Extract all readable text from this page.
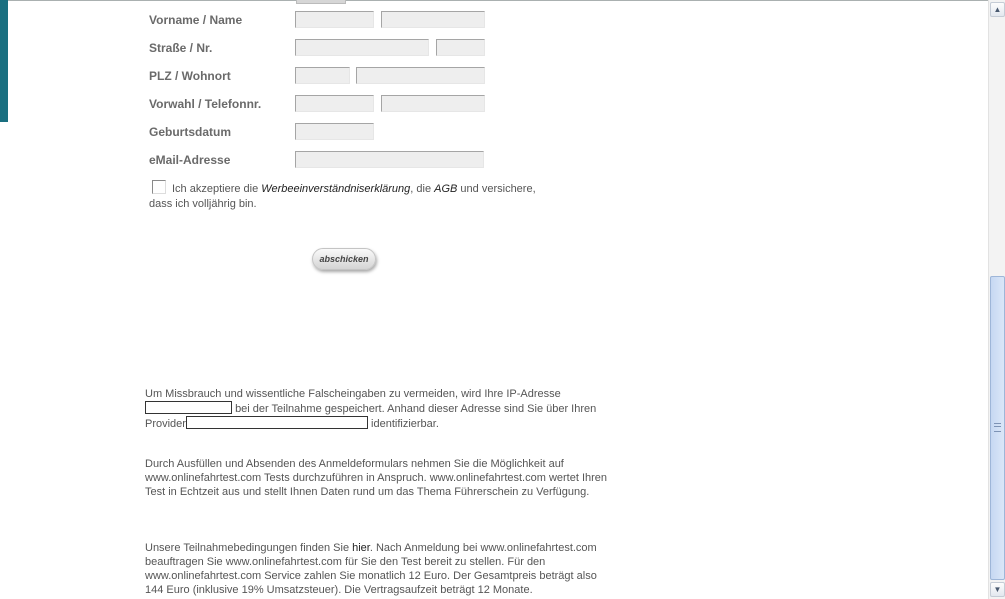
Vorname / Name
Straße / Nr.
PLZ / Wohnort
Vorwahl / Telefonnr.
Geburtsdatum
eMail-Adresse
Ich akzeptiere die Werbeeinverständniserklärung, die AGB und versichere, dass ich volljährig bin.
abschicken
Um Missbrauch und wissentliche Falscheingaben zu vermeiden, wird Ihre IP-Adresse
bei der Teilnahme gespeichert. Anhand dieser Adresse sind Sie über Ihren
Provider	identifizierbar.
Durch Ausfüllen und Absenden des Anmeldeformulars nehmen Sie die Möglichkeit auf www.onlinefahrtest.com Tests durchzuführen in Anspruch. www.onlinefahrtest.com wertet Ihren Test in Echtzeit aus und stellt Ihnen Daten rund um das Thema Führerschein zu Verfügung.
Unsere Teilnahmebedingungen finden Sie hier. Nach Anmeldung bei www.onlinefahrtest.com beauftragen Sie www.onlinefahrtest.com für Sie den Test bereit zu stellen. Für den www.onlinefahrtest.com Service zahlen Sie monatlich 12 Euro. Der Gesamtpreis beträgt also 144 Euro (inklusive 19% Umsatzsteuer). Die Vertragsaufzeit beträgt 12 Monate.
▲
▼
